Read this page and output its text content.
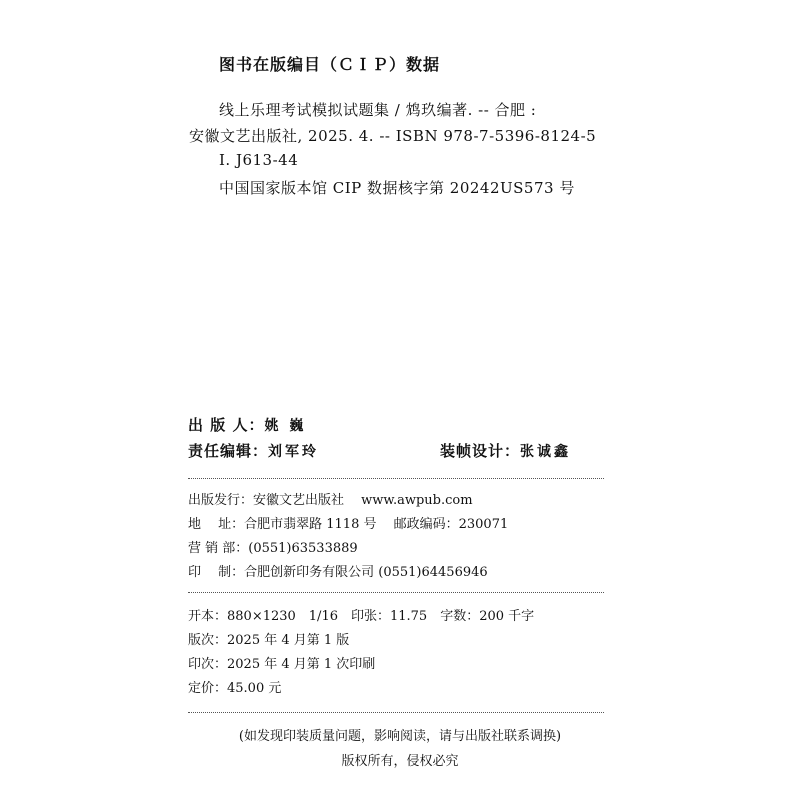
图书在版编目（ＣＩＰ）数据
线上乐理考试模拟试题集 / 鸩玖编著. -- 合肥 :
安徽文艺出版社, 2025. 4. -- ISBN 978-7-5396-8124-5
Ⅰ. J613-44
中国国家版本馆 CIP 数据核字第 20242US573 号
出 版 人：姚 巍
责任编辑：刘军玲	装帧设计：张诚鑫
出版发行：安徽文艺出版社　 www.awpub.com
地　 址：合肥市翡翠路 1118 号　 邮政编码：230071
营 销 部：(0551)63533889
印　 制：合肥创新印务有限公司 (0551)64456946
开本：880×1230　1/16　印张：11.75　字数：200 千字
版次：2025 年 4 月第 1 版
印次：2025 年 4 月第 1 次印刷
定价：45.00 元
(如发现印装质量问题，影响阅读，请与出版社联系调换)
版权所有，侵权必究
